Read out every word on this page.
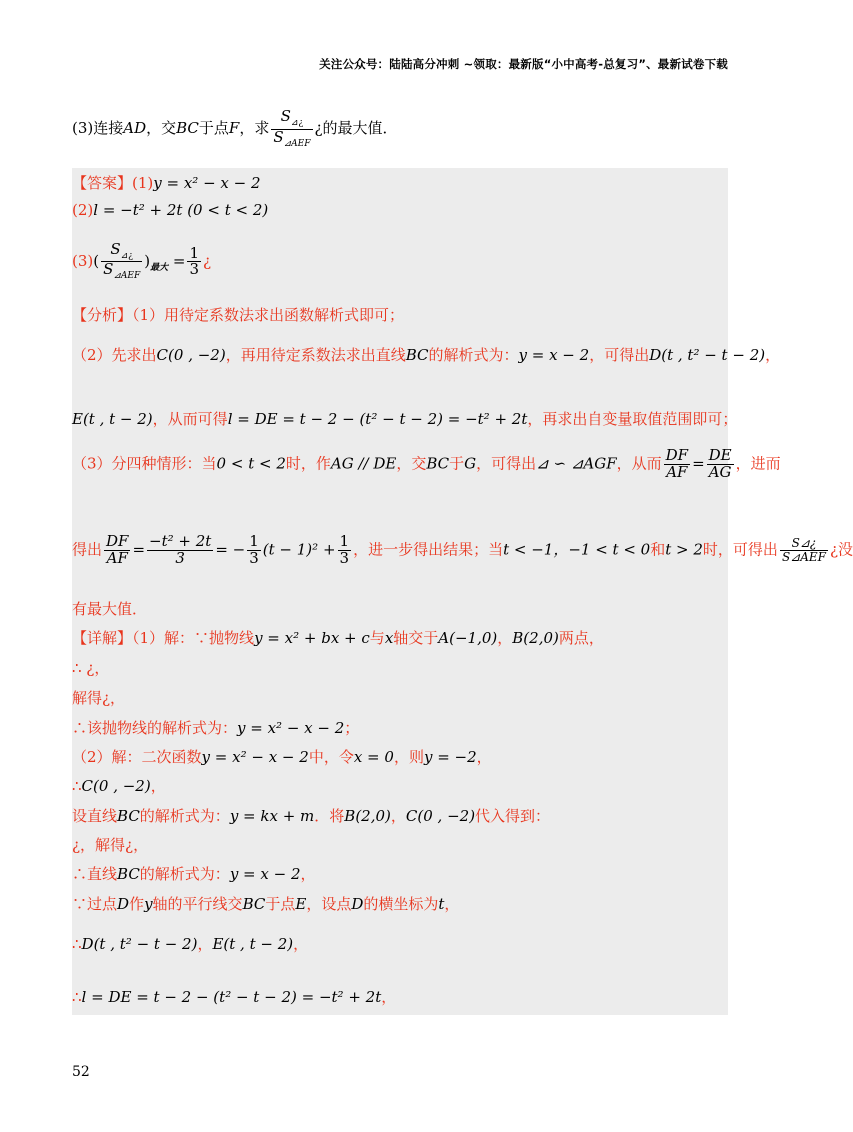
关注公众号：陆陆高分冲刺 ~领取：最新版“小中高考-总复习”、最新试卷下载
(3)连接AD，交BC于点F，求
$S_{⊿¿}$
$S_{⊿AEF}$
¿的最大值．
【答案】(1)y = x² − x − 2
(2)l = −t² + 2t (0 < t < 2)
(3)(
$S_{⊿¿}$
$S_{⊿AEF}$
)$_{最大} = \frac{1}{3}$ ¿
【分析】（1）用待定系数法求出函数解析式即可；
（2）先求出C(0 , −2)，再用待定系数法求出直线BC的解析式为：y = x − 2，可得出D(t , t² − t − 2)，
E(t , t − 2)，从而可得l = DE = t − 2 − (t² − t − 2) = −t² + 2t，再求出自变量取值范围即可；
（3）分四种情形：当0 < t < 2时，作AG // DE，交BC于G，可得出⊿ ∽ ⊿AGF，从而 $\frac{DF}{AF} = \frac{DE}{AG}$ ，进而
得出 $\frac{DF}{AF} = \frac{\text{−t² + 2t}}{3}$ = − $\frac{1}{3} (t - 1)^2 + \frac{1}{3}$ ，进一步得出结果；当t < −1，−1 < t < 0和t > 2时，可得出	S⊿¿
S⊿AEF ¿没
有最大值．
【详解】（1）解：∵抛物线y = x² + bx + c与x轴交于A(−1,0)，B(2,0)两点，
∴ ¿，
解得¿，
∴该抛物线的解析式为：y = x² − x − 2；
（2）解：二次函数y = x² − x − 2中，令x = 0，则y = −2，
∴C(0 , −2)，
设直线BC的解析式为：y = kx + m．将B(2,0)，C(0 , −2)代入得到：
¿，解得¿，
∴直线BC的解析式为：y = x − 2，
∵过点D作y轴的平行线交BC于点E，设点D的横坐标为t，
∴D(t , t² − t − 2)，E(t , t − 2)，
∴l = DE = t − 2 − (t² − t − 2) = −t² + 2t，
52
